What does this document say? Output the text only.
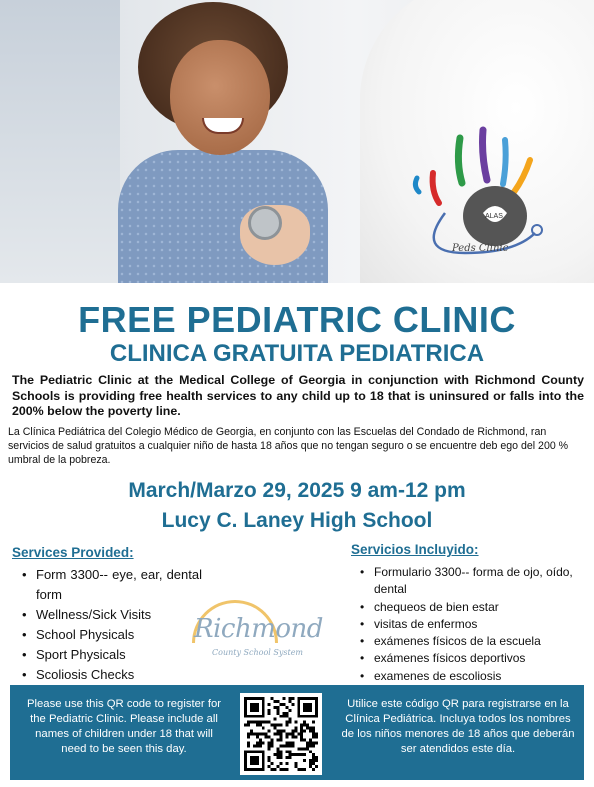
ALAS
Peds Clinic
FREE PEDIATRIC CLINIC
CLINICA GRATUITA PEDIATRICA

The Pediatric Clinic at the Medical College of Georgia in conjunction with Richmond County Schools is providing free health services to any child up to 18 that is uninsured or falls into the 200% below the poverty line.

La Clínica Pediátrica del Colegio Médico de Georgia, en conjunto con las Escuelas del Condado de Richmond, ran servicios de salud gratuitos a cualquier niño de hasta 18 años que no tengan seguro o se encuentre deb ego del 200 % umbral de la pobreza.

March/Marzo 29, 2025 9 am-12 pm
Lucy C. Laney High School
Services Provided:
• Form 3300-- eye, ear, dental form
• Wellness/Sick Visits
• School Physicals
• Sport Physicals
• Scoliosis Checks
Richmond
County School System
Servicios Incluyido:
• Formulario 3300-- forma de ojo, oído, dental
• chequeos de bien estar
• visitas de enfermos
• exámenes físicos de la escuela
• exámenes físicos deportivos
• examenes de escoliosis

Please use this QR code to register for the Pediatric Clinic. Please include all names of children under 18 that will need to be seen this day.

Utilice este código QR para registrarse en la Clínica Pediátrica. Incluya todos los nombres de los niños menores de 18 años que deberán ser atendidos este día.
